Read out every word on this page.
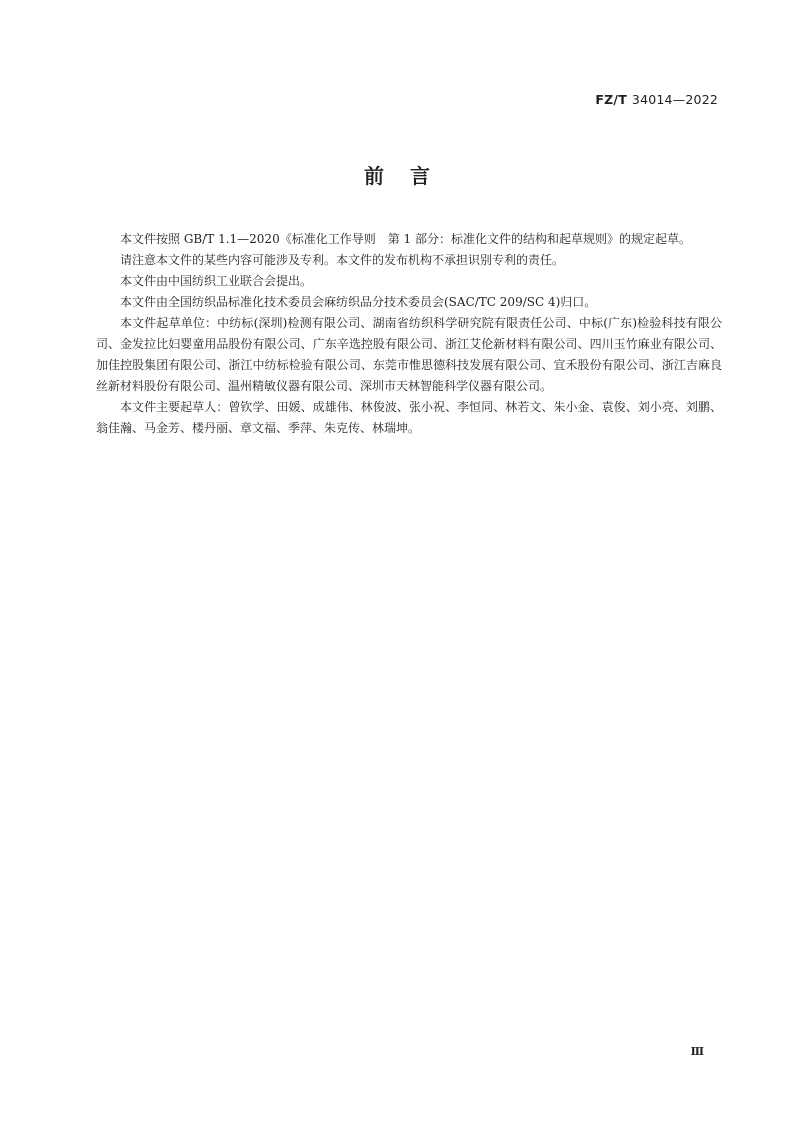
FZ/T 34014—2022
前言

本文件按照 GB/T 1.1—2020《标准化工作导则　第 1 部分：标准化文件的结构和起草规则》的规定起草。

请注意本文件的某些内容可能涉及专利。本文件的发布机构不承担识别专利的责任。

本文件由中国纺织工业联合会提出。

本文件由全国纺织品标准化技术委员会麻纺织品分技术委员会(SAC/TC 209/SC 4)归口。

本文件起草单位：中纺标(深圳)检测有限公司、湖南省纺织科学研究院有限责任公司、中标(广东)检验科技有限公司、金发拉比妇婴童用品股份有限公司、广东辛选控股有限公司、浙江艾伦新材料有限公司、四川玉竹麻业有限公司、加佳控股集团有限公司、浙江中纺标检验有限公司、东莞市惟思德科技发展有限公司、宜禾股份有限公司、浙江吉麻良丝新材料股份有限公司、温州精敏仪器有限公司、深圳市天林智能科学仪器有限公司。

本文件主要起草人：曾钦学、田媛、成雄伟、林俊波、张小祝、李恒同、林若文、朱小金、袁俊、刘小亮、刘鹏、翁佳瀚、马金芳、楼丹丽、章文福、季萍、朱克传、林瑞坤。

Ⅲ
